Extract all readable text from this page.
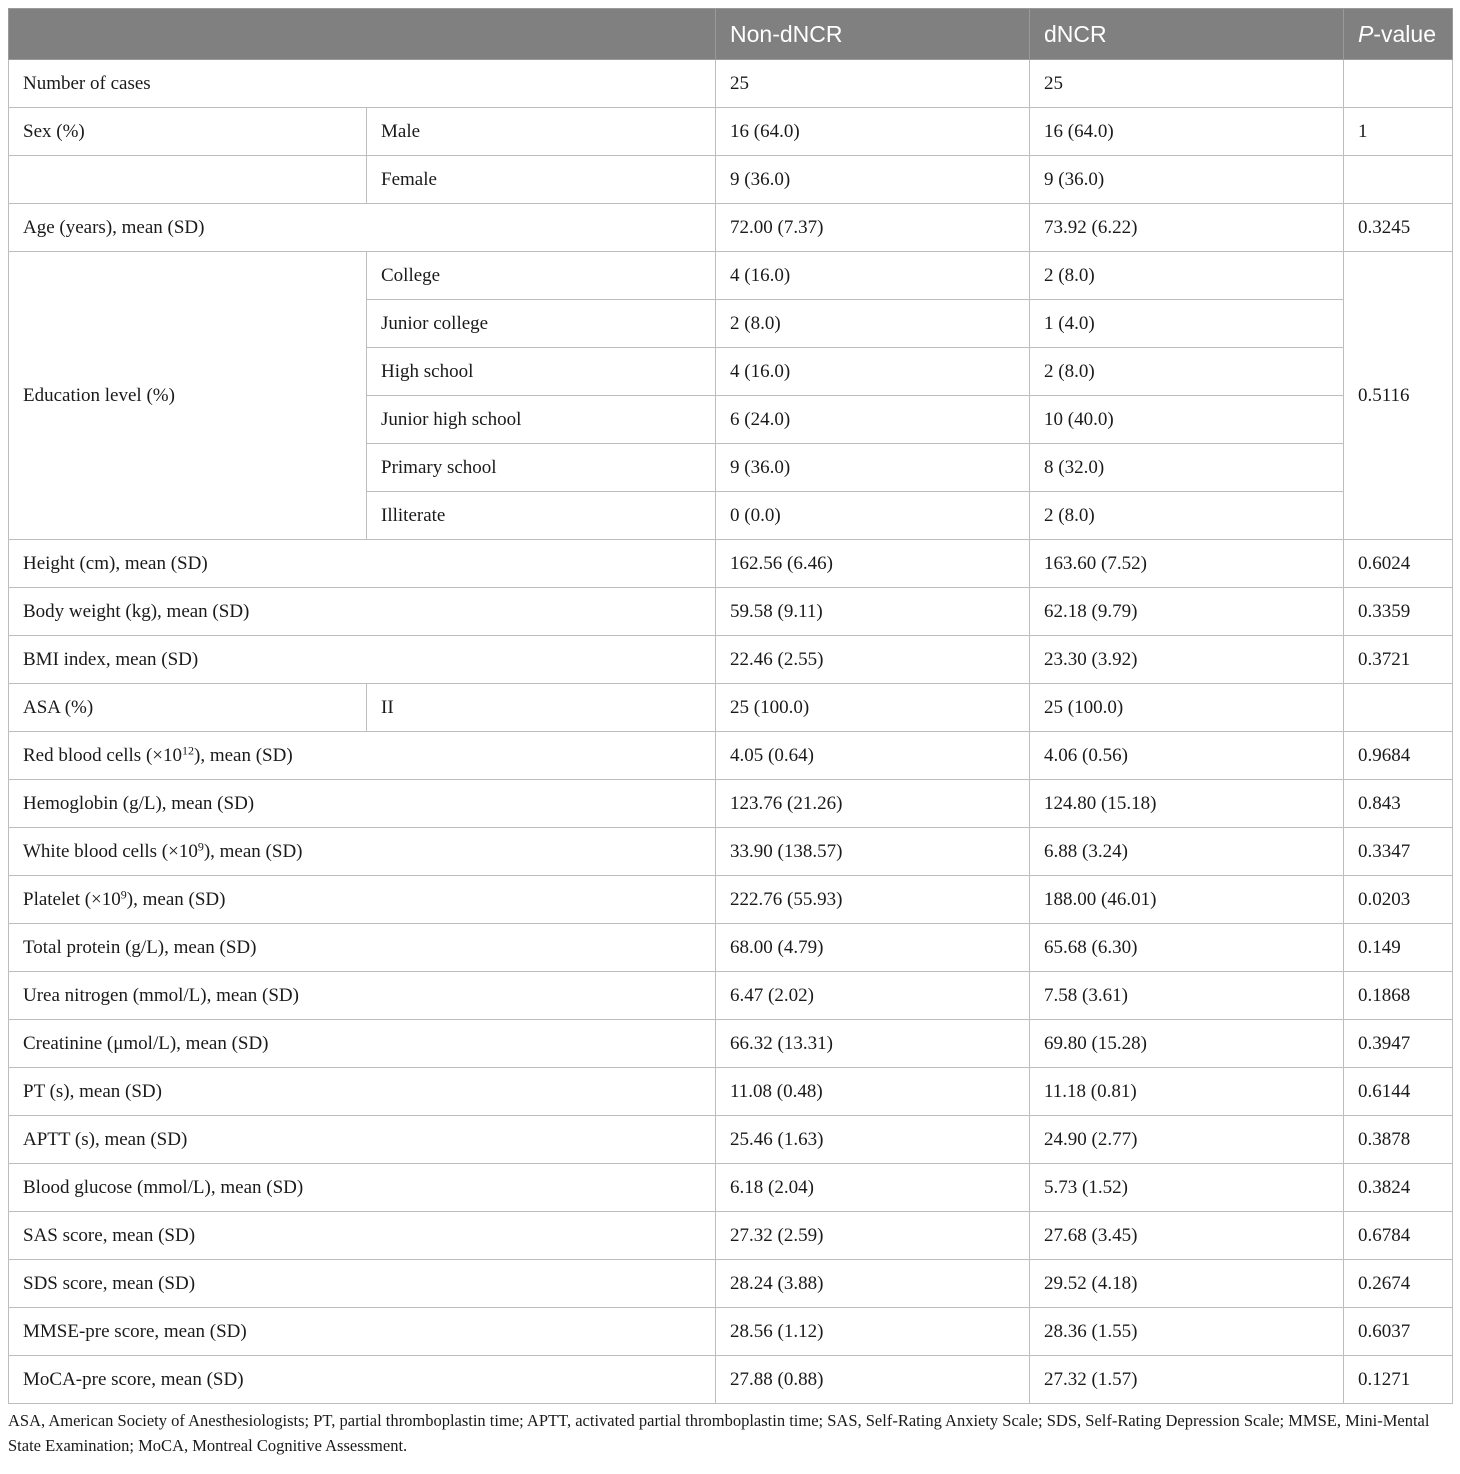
		Non-dNCR	dNCR	P-value
Number of cases		25	25	
Sex (%)	Male	16 (64.0)	16 (64.0)	1
	Female	9 (36.0)	9 (36.0)	
Age (years), mean (SD)		72.00 (7.37)	73.92 (6.22)	0.3245
Education level (%)	College	4 (16.0)	2 (8.0)	0.5116
	Junior college	2 (8.0)	1 (4.0)	
	High school	4 (16.0)	2 (8.0)	
	Junior high school	6 (24.0)	10 (40.0)	
	Primary school	9 (36.0)	8 (32.0)	
	Illiterate	0 (0.0)	2 (8.0)	
Height (cm), mean (SD)		162.56 (6.46)	163.60 (7.52)	0.6024
Body weight (kg), mean (SD)		59.58 (9.11)	62.18 (9.79)	0.3359
BMI index, mean (SD)		22.46 (2.55)	23.30 (3.92)	0.3721
ASA (%)	II	25 (100.0)	25 (100.0)	
Red blood cells $(\times 10^{12})$, mean (SD)		4.05 (0.64)	4.06 (0.56)	0.9684
Hemoglobin (g/L), mean (SD)		123.76 (21.26)	124.80 (15.18)	0.843
White blood cells $(\times 10^9)$, mean (SD)		33.90 (138.57)	6.88 (3.24)	0.3347
Platelet $(\times 10^9)$, mean (SD)		222.76 (55.93)	188.00 (46.01)	0.0203
Total protein (g/L), mean (SD)		68.00 (4.79)	65.68 (6.30)	0.149
Urea nitrogen (mmol/L), mean (SD)		6.47 (2.02)	7.58 (3.61)	0.1868
Creatinine (μmol/L), mean (SD)		66.32 (13.31)	69.80 (15.28)	0.3947
PT (s), mean (SD)		11.08 (0.48)	11.18 (0.81)	0.6144
APTT (s), mean (SD)		25.46 (1.63)	24.90 (2.77)	0.3878
Blood glucose (mmol/L), mean (SD)		6.18 (2.04)	5.73 (1.52)	0.3824
SAS score, mean (SD)		27.32 (2.59)	27.68 (3.45)	0.6784
SDS score, mean (SD)		28.24 (3.88)	29.52 (4.18)	0.2674
MMSE-pre score, mean (SD)		28.56 (1.12)	28.36 (1.55)	0.6037
MoCA-pre score, mean (SD)		27.88 (0.88)	27.32 (1.57)	0.1271
ASA, American Society of Anesthesiologists; PT, partial thromboplastin time; APTT, activated partial thromboplastin time; SAS, Self-Rating Anxiety Scale; SDS, Self-Rating Depression Scale; MMSE, Mini-Mental State Examination; MoCA, Montreal Cognitive Assessment.
